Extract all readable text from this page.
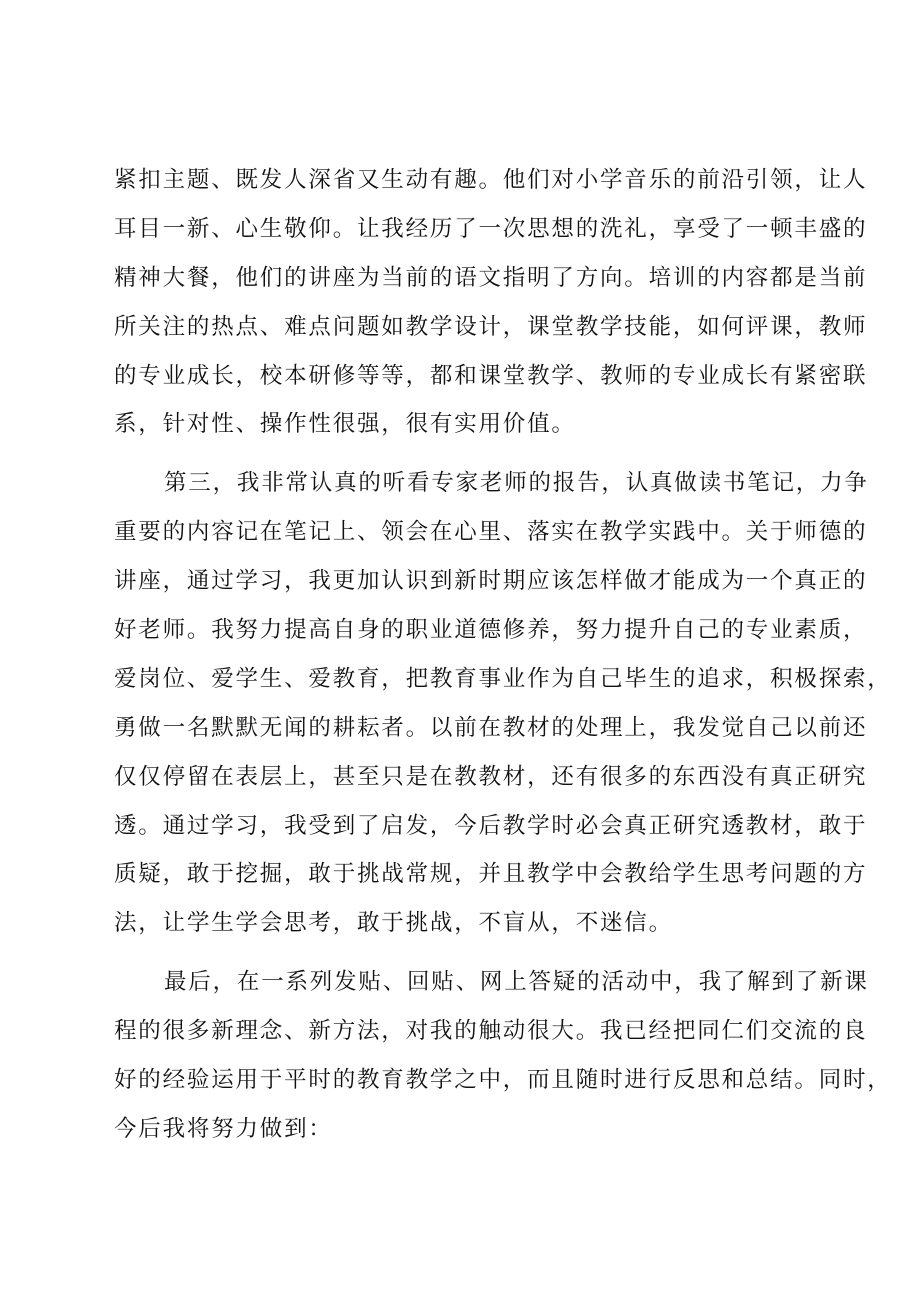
紧扣主题、既发人深省又生动有趣。他们对小学音乐的前沿引领，让人
耳目一新、心生敬仰。让我经历了一次思想的洗礼，享受了一顿丰盛的
精神大餐，他们的讲座为当前的语文指明了方向。培训的内容都是当前
所关注的热点、难点问题如教学设计，课堂教学技能，如何评课，教师
的专业成长，校本研修等等，都和课堂教学、教师的专业成长有紧密联
系，针对性、操作性很强，很有实用价值。
第三，我非常认真的听看专家老师的报告，认真做读书笔记，力争
重要的内容记在笔记上、领会在心里、落实在教学实践中。关于师德的
讲座，通过学习，我更加认识到新时期应该怎样做才能成为一个真正的
好老师。我努力提高自身的职业道德修养，努力提升自己的专业素质，
爱岗位、爱学生、爱教育，把教育事业作为自己毕生的追求，积极探索，
勇做一名默默无闻的耕耘者。以前在教材的处理上，我发觉自己以前还
仅仅停留在表层上，甚至只是在教教材，还有很多的东西没有真正研究
透。通过学习，我受到了启发，今后教学时必会真正研究透教材，敢于
质疑，敢于挖掘，敢于挑战常规，并且教学中会教给学生思考问题的方
法，让学生学会思考，敢于挑战，不盲从，不迷信。
最后，在一系列发贴、回贴、网上答疑的活动中，我了解到了新课
程的很多新理念、新方法，对我的触动很大。我已经把同仁们交流的良
好的经验运用于平时的教育教学之中，而且随时进行反思和总结。同时，
今后我将努力做到：
